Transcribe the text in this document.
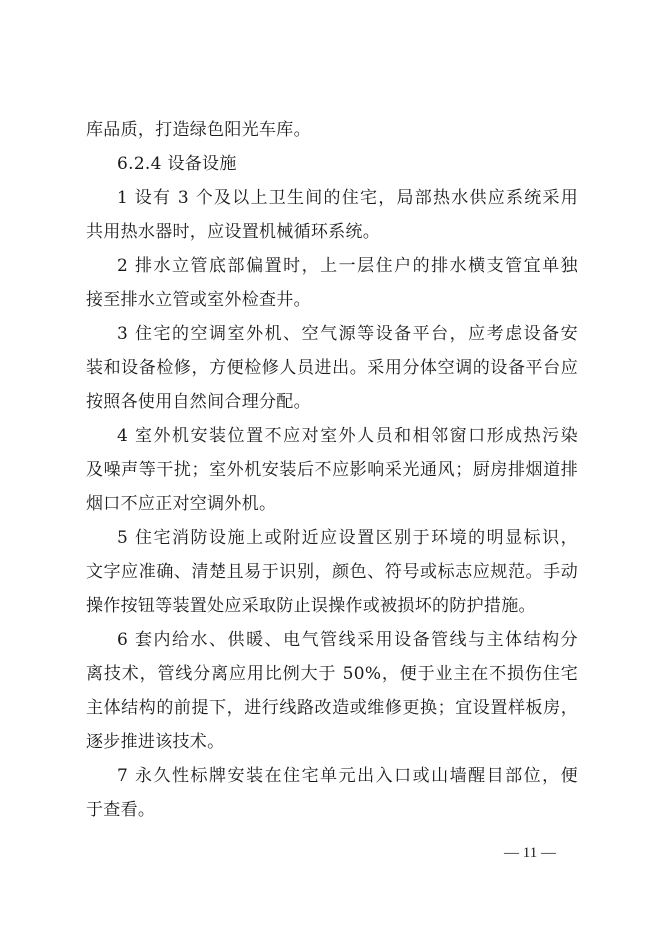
库品质，打造绿色阳光车库。
6.2.4 设备设施
1 设有 3 个及以上卫生间的住宅，局部热水供应系统采用
共用热水器时，应设置机械循环系统。
2 排水立管底部偏置时，上一层住户的排水横支管宜单独
接至排水立管或室外检查井。
3 住宅的空调室外机、空气源等设备平台，应考虑设备安
装和设备检修，方便检修人员进出。采用分体空调的设备平台应
按照各使用自然间合理分配。
4 室外机安装位置不应对室外人员和相邻窗口形成热污染
及噪声等干扰；室外机安装后不应影响采光通风；厨房排烟道排
烟口不应正对空调外机。
5 住宅消防设施上或附近应设置区别于环境的明显标识，
文字应准确、清楚且易于识别，颜色、符号或标志应规范。手动
操作按钮等装置处应采取防止误操作或被损坏的防护措施。
6 套内给水、供暖、电气管线采用设备管线与主体结构分
离技术，管线分离应用比例大于 50%，便于业主在不损伤住宅
主体结构的前提下，进行线路改造或维修更换；宜设置样板房，
逐步推进该技术。
7 永久性标牌安装在住宅单元出入口或山墙醒目部位，便
于查看。
— 11 —
